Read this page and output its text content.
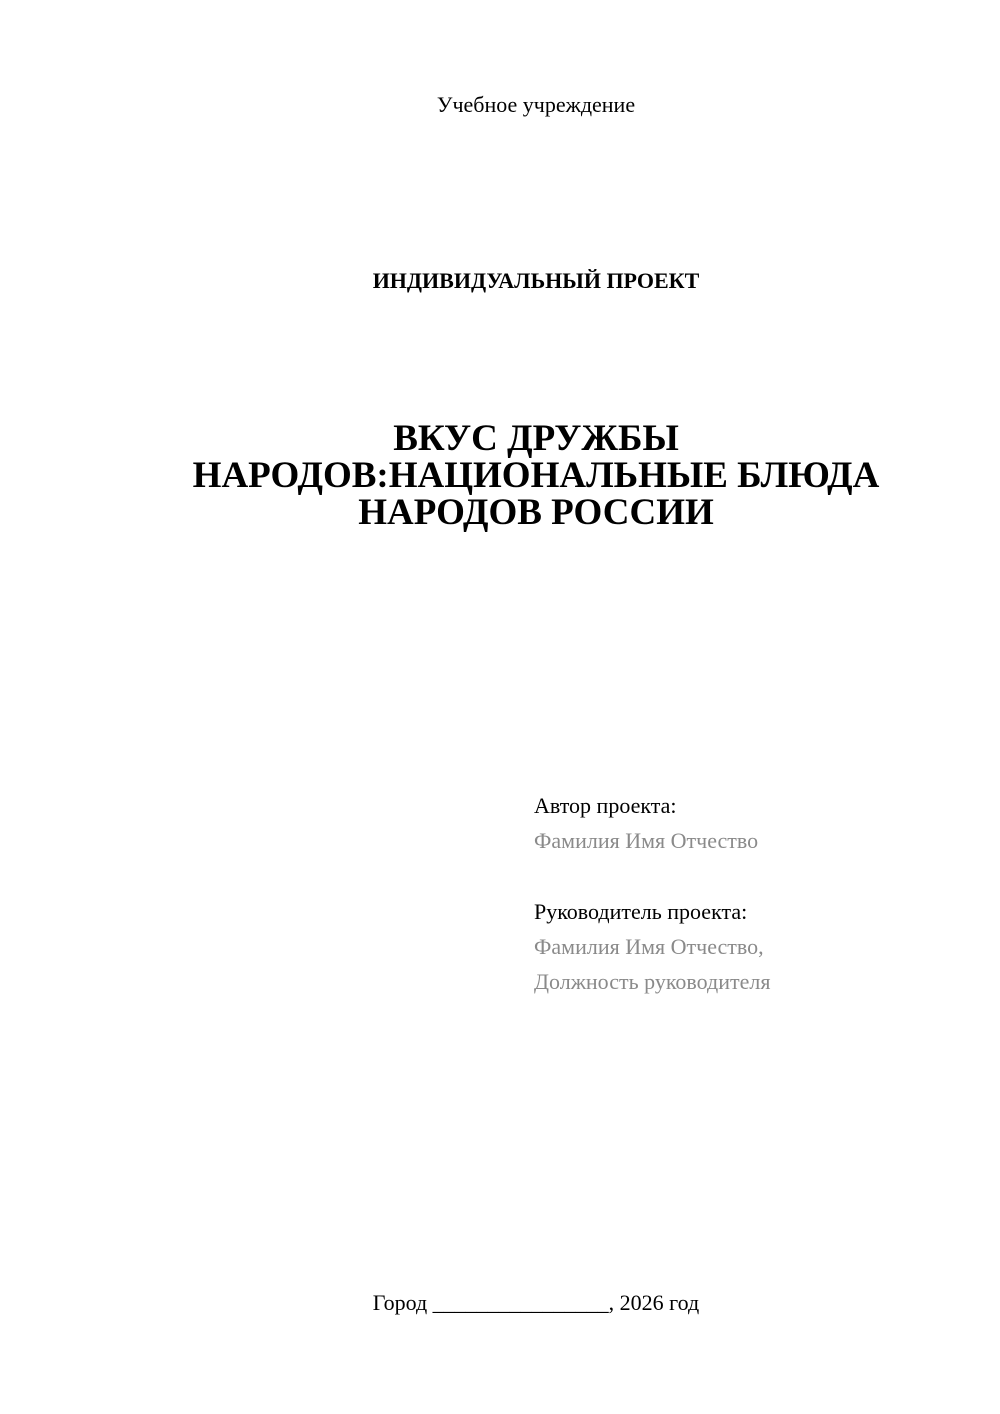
Учебное учреждение
ИНДИВИДУАЛЬНЫЙ ПРОЕКТ
ВКУС ДРУЖБЫ
НАРОДОВ:НАЦИОНАЛЬНЫЕ БЛЮДА
НАРОДОВ РОССИИ
Автор проекта:
Фамилия Имя Отчество
Руководитель проекта:
Фамилия Имя Отчество,
Должность руководителя
Город ________________, 2026 год
